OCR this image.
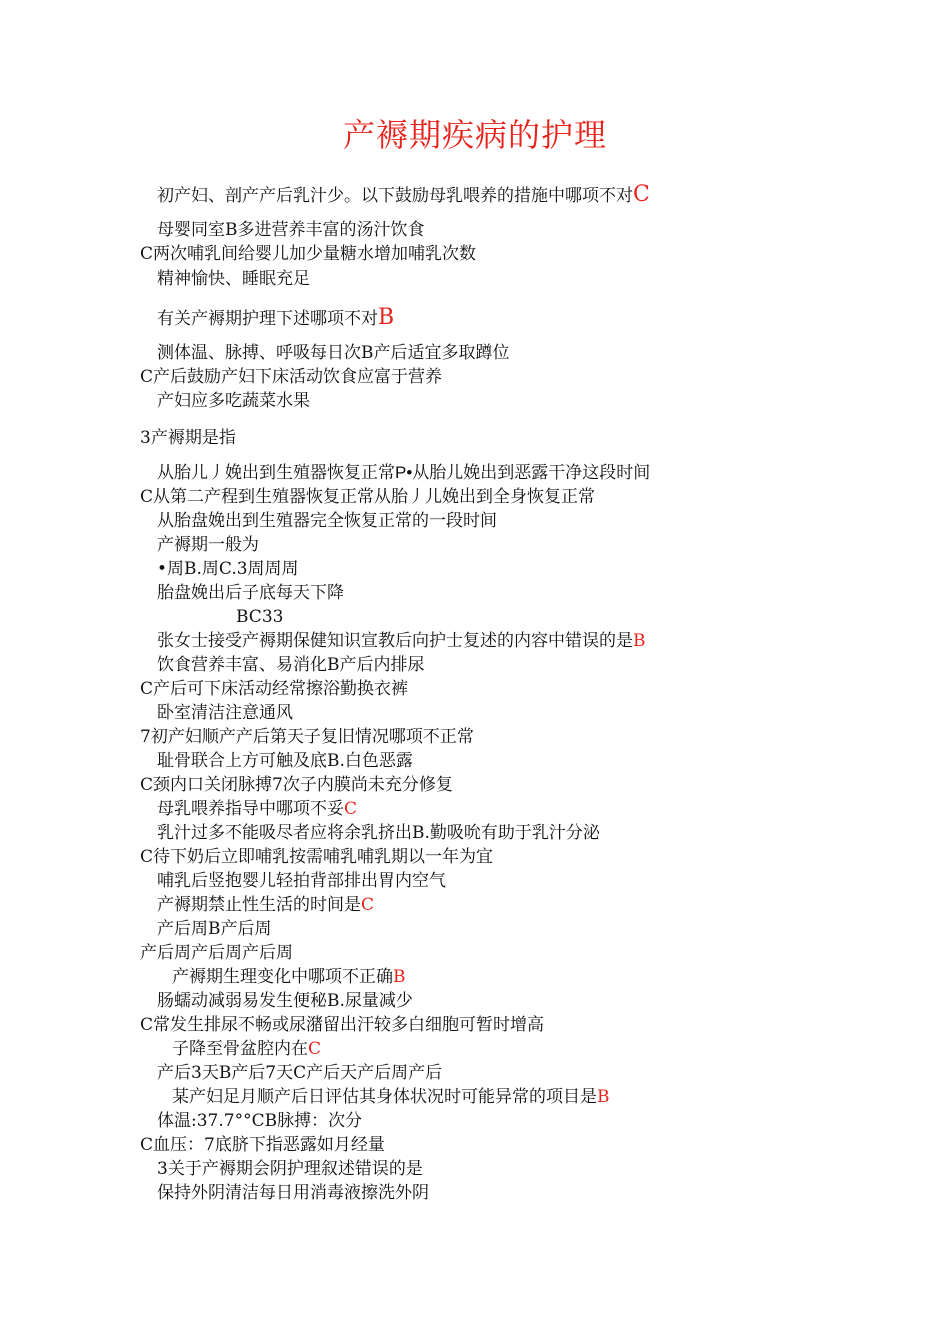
产褥期疾病的护理
初产妇、剖产产后乳汁少。以下鼓励母乳喂养的措施中哪项不对C
母婴同室B多进营养丰富的汤汁饮食
C两次哺乳间给婴儿加少量糖水增加哺乳次数
精神愉快、睡眠充足
有关产褥期护理下述哪项不对B
测体温、脉搏、呼吸每日次B产后适宜多取蹲位
C产后鼓励产妇下床活动饮食应富于营养
产妇应多吃蔬菜水果
3产褥期是指
从胎儿丿娩出到生殖器恢复正常P•从胎儿娩出到恶露干净这段时间
C从第二产程到生殖器恢复正常从胎丿儿娩出到全身恢复正常
从胎盘娩出到生殖器完全恢复正常的一段时间
产褥期一般为
•周B.周C.3周周周
胎盘娩出后子底每天下降
BC33
张女士接受产褥期保健知识宣教后向护士复述的内容中错误的是B
饮食营养丰富、易消化B产后内排尿
C产后可下床活动经常擦浴勤换衣裤
卧室清洁注意通风
7初产妇顺产产后第天子复旧情况哪项不正常
耻骨联合上方可触及底B.白色恶露
C颈内口关闭脉搏7次子内膜尚未充分修复
母乳喂养指导中哪项不妥C
乳汁过多不能吸尽者应将余乳挤出B.勤吸吮有助于乳汁分泌
C待下奶后立即哺乳按需哺乳哺乳期以一年为宜
哺乳后竖抱婴儿轻拍背部排出胃内空气
产褥期禁止性生活的时间是C
产后周B产后周
产后周产后周产后周
产褥期生理变化中哪项不正确B
肠蠕动减弱易发生便秘B.尿量减少
C常发生排尿不畅或尿潴留出汗较多白细胞可暂时增高
子降至骨盆腔内在C
产后3天B产后7天C产后天产后周产后
某产妇足月顺产后日评估其身体状况时可能异常的项目是B
体温:37.7°°CB脉搏：次分
C血压：7底脐下指恶露如月经量
3关于产褥期会阴护理叙述错误的是
保持外阴清洁每日用消毒液擦洗外阴
